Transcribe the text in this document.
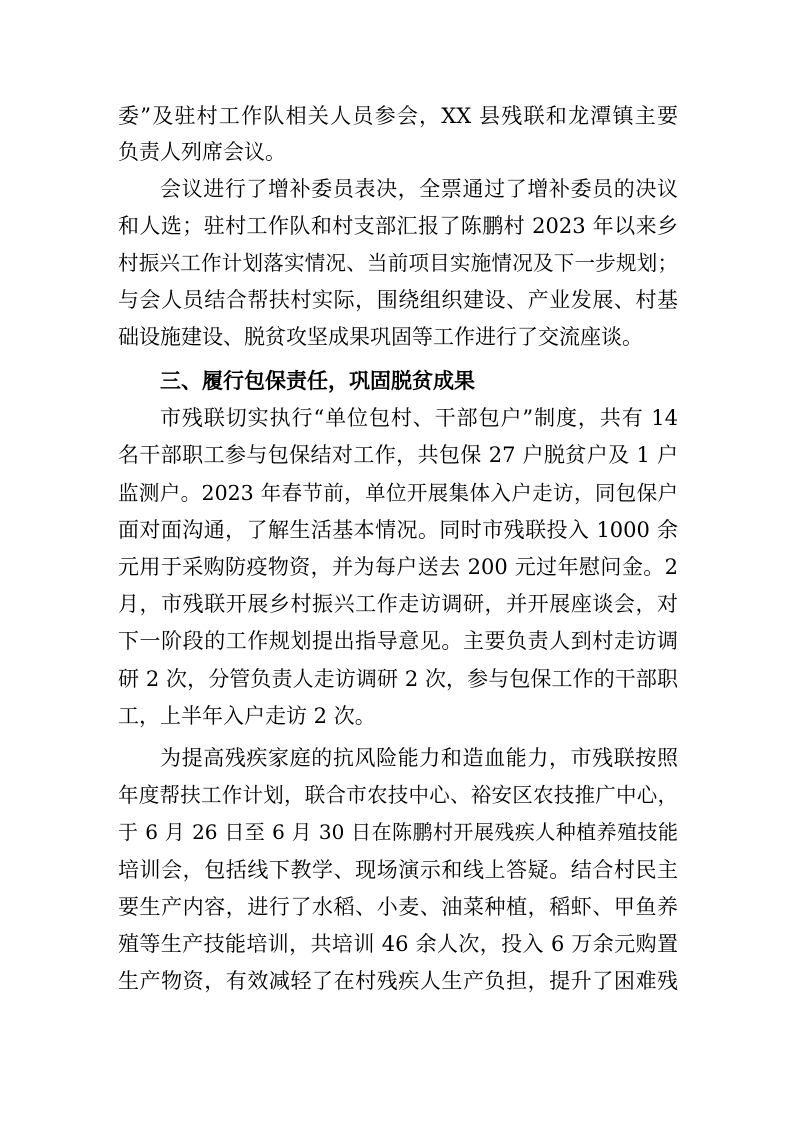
委”及驻村工作队相关人员参会，XX 县残联和龙潭镇主要
负责人列席会议。
会议进行了增补委员表决，全票通过了增补委员的决议
和人选；驻村工作队和村支部汇报了陈鹏村 2023 年以来乡
村振兴工作计划落实情况、当前项目实施情况及下一步规划；
与会人员结合帮扶村实际，围绕组织建设、产业发展、村基
础设施建设、脱贫攻坚成果巩固等工作进行了交流座谈。
三、履行包保责任，巩固脱贫成果
市残联切实执行“单位包村、干部包户”制度，共有 14
名干部职工参与包保结对工作，共包保 27 户脱贫户及 1 户
监测户。2023 年春节前，单位开展集体入户走访，同包保户
面对面沟通，了解生活基本情况。同时市残联投入 1000 余
元用于采购防疫物资，并为每户送去 200 元过年慰问金。2
月，市残联开展乡村振兴工作走访调研，并开展座谈会，对
下一阶段的工作规划提出指导意见。主要负责人到村走访调
研 2 次，分管负责人走访调研 2 次，参与包保工作的干部职
工，上半年入户走访 2 次。
为提高残疾家庭的抗风险能力和造血能力，市残联按照
年度帮扶工作计划，联合市农技中心、裕安区农技推广中心，
于 6 月 26 日至 6 月 30 日在陈鹏村开展残疾人种植养殖技能
培训会，包括线下教学、现场演示和线上答疑。结合村民主
要生产内容，进行了水稻、小麦、油菜种植，稻虾、甲鱼养
殖等生产技能培训，共培训 46 余人次，投入 6 万余元购置
生产物资，有效减轻了在村残疾人生产负担，提升了困难残
